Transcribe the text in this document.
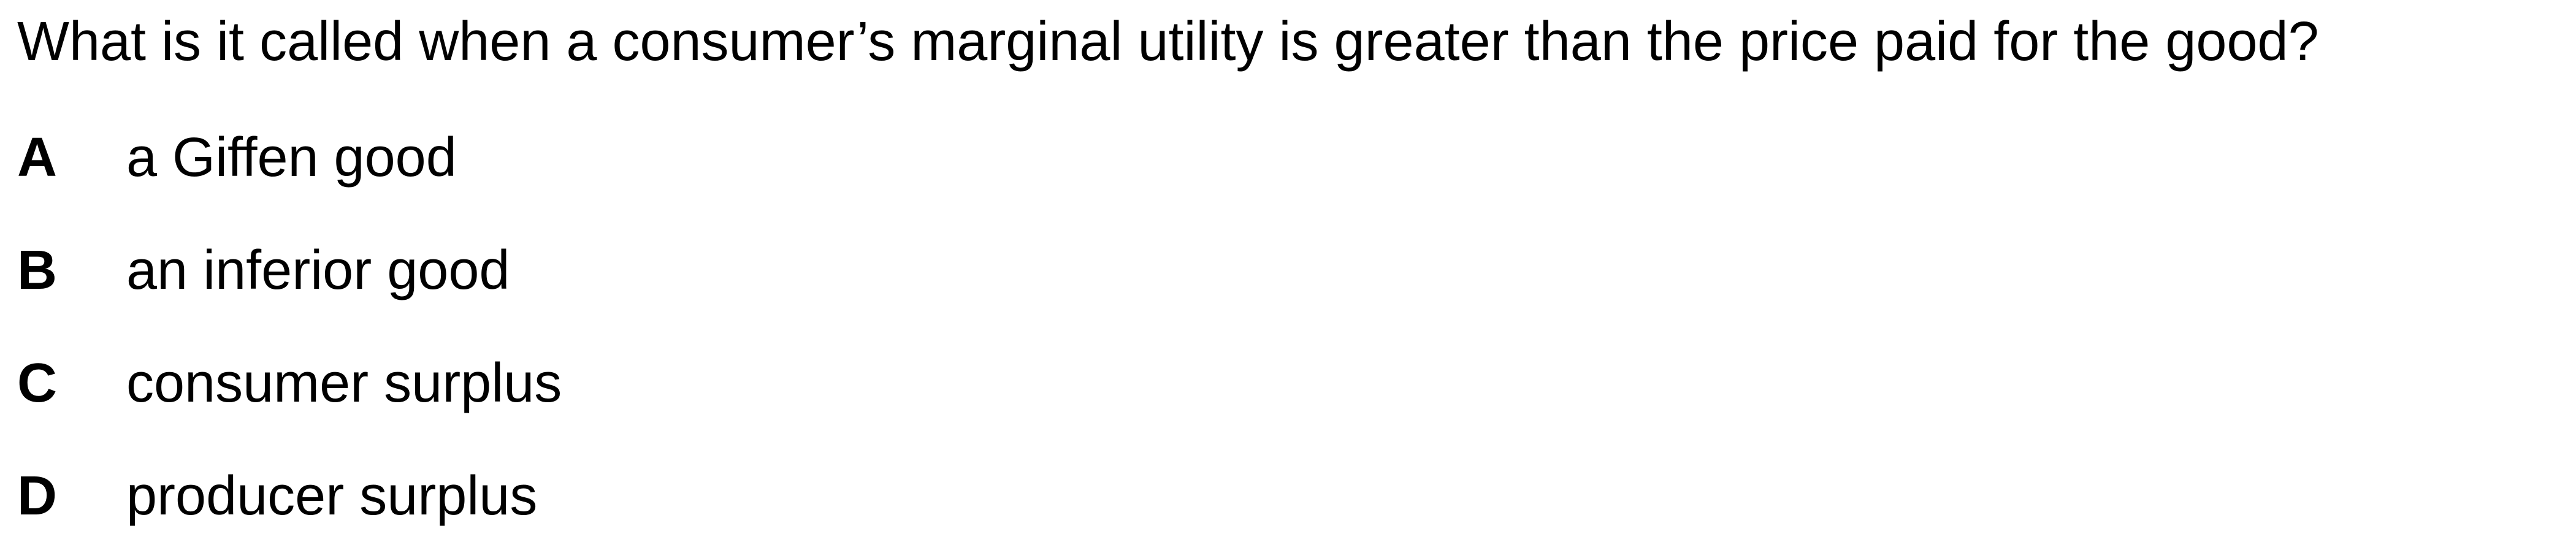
What is it called when a consumer’s marginal utility is greater than the price paid for the good?

A	a Giffen good
B	an inferior good
C	consumer surplus
D	producer surplus
